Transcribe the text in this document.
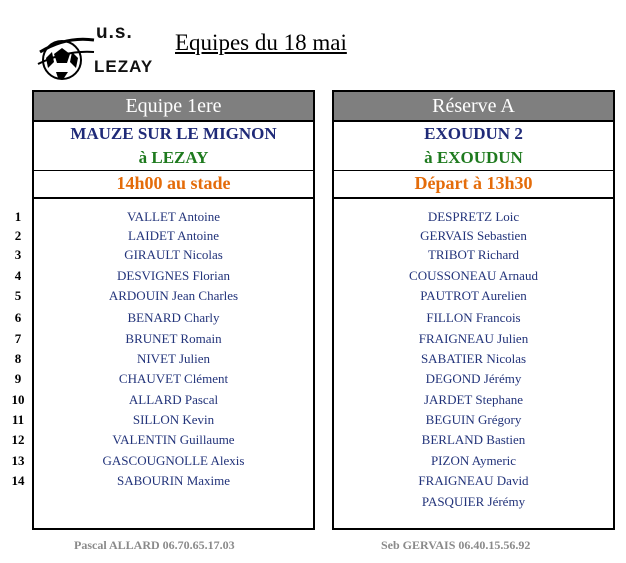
u.s.
LEZAY
Equipes du 18 mai
1
2
3
4
5
6
7
8
9
10
11
12
13
14
Equipe 1ere
MAUZE SUR LE MIGNON
à LEZAY
14h00 au stade
VALLET Antoine
LAIDET Antoine
GIRAULT Nicolas
DESVIGNES Florian
ARDOUIN Jean Charles
BENARD Charly
BRUNET Romain
NIVET Julien
CHAUVET Clément
ALLARD Pascal
SILLON Kevin
VALENTIN Guillaume
GASCOUGNOLLE Alexis
SABOURIN Maxime
Réserve A
EXOUDUN 2
à EXOUDUN
Départ à 13h30
DESPRETZ Loic
GERVAIS Sebastien
TRIBOT Richard
COUSSONEAU Arnaud
PAUTROT Aurelien
FILLON Francois
FRAIGNEAU Julien
SABATIER Nicolas
DEGOND Jérémy
JARDET Stephane
BEGUIN Grégory
BERLAND Bastien
PIZON Aymeric
FRAIGNEAU David
PASQUIER Jérémy
Pascal ALLARD 06.70.65.17.03	Seb GERVAIS 06.40.15.56.92
